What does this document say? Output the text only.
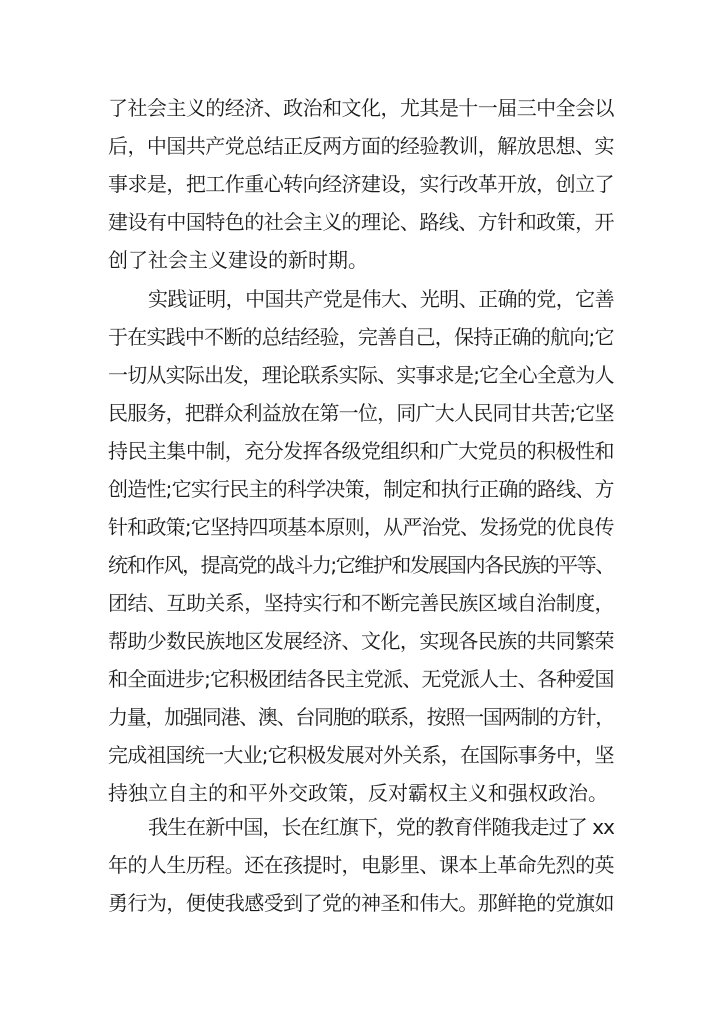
了社会主义的经济、政治和文化，尤其是十一届三中全会以
后，中国共产党总结正反两方面的经验教训，解放思想、实
事求是，把工作重心转向经济建设，实行改革开放，创立了
建设有中国特色的社会主义的理论、路线、方针和政策，开
创了社会主义建设的新时期。
实践证明，中国共产党是伟大、光明、正确的党，它善
于在实践中不断的总结经验，完善自己，保持正确的航向;它
一切从实际出发，理论联系实际、实事求是;它全心全意为人
民服务，把群众利益放在第一位，同广大人民同甘共苦;它坚
持民主集中制，充分发挥各级党组织和广大党员的积极性和
创造性;它实行民主的科学决策，制定和执行正确的路线、方
针和政策;它坚持四项基本原则，从严治党、发扬党的优良传
统和作风，提高党的战斗力;它维护和发展国内各民族的平等、
团结、互助关系，坚持实行和不断完善民族区域自治制度，
帮助少数民族地区发展经济、文化，实现各民族的共同繁荣
和全面进步;它积极团结各民主党派、无党派人士、各种爱国
力量，加强同港、澳、台同胞的联系，按照一国两制的方针，
完成祖国统一大业;它积极发展对外关系，在国际事务中，坚
持独立自主的和平外交政策，反对霸权主义和强权政治。
我生在新中国，长在红旗下，党的教育伴随我走过了 xx
年的人生历程。还在孩提时，电影里、课本上革命先烈的英
勇行为，便使我感受到了党的神圣和伟大。那鲜艳的党旗如
